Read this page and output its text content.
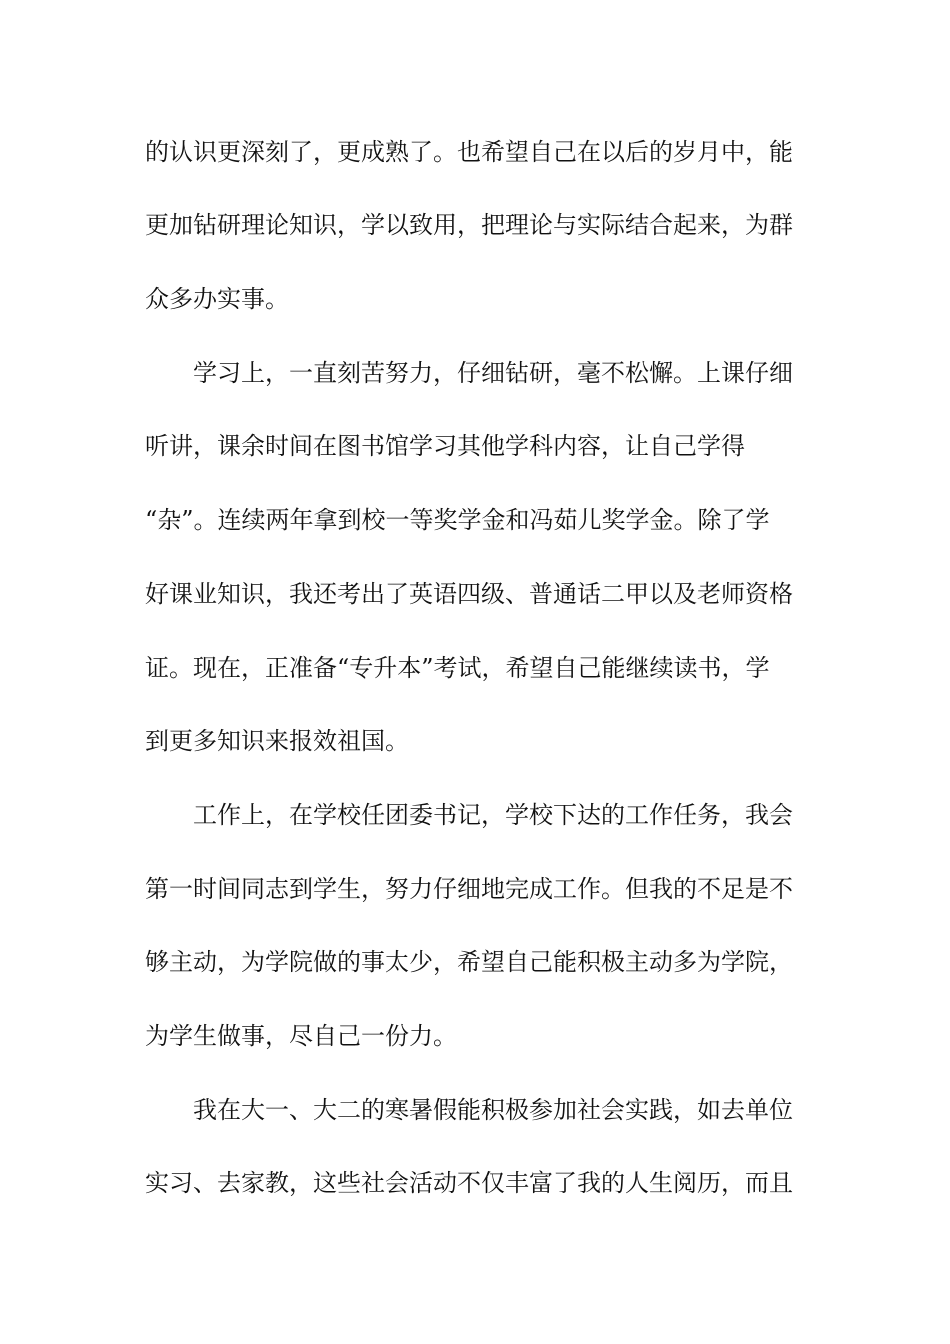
的认识更深刻了，更成熟了。也希望自己在以后的岁月中，能
更加钻研理论知识，学以致用，把理论与实际结合起来，为群
众多办实事。
学习上，一直刻苦努力，仔细钻研，毫不松懈。上课仔细
听讲，课余时间在图书馆学习其他学科内容，让自己学得
“杂”。连续两年拿到校一等奖学金和冯茹儿奖学金。除了学
好课业知识，我还考出了英语四级、普通话二甲以及老师资格
证。现在，正准备“专升本”考试，希望自己能继续读书，学
到更多知识来报效祖国。
工作上，在学校任团委书记，学校下达的工作任务，我会
第一时间同志到学生，努力仔细地完成工作。但我的不足是不
够主动，为学院做的事太少，希望自己能积极主动多为学院，
为学生做事，尽自己一份力。
我在大一、大二的寒暑假能积极参加社会实践，如去单位
实习、去家教，这些社会活动不仅丰富了我的人生阅历，而且
